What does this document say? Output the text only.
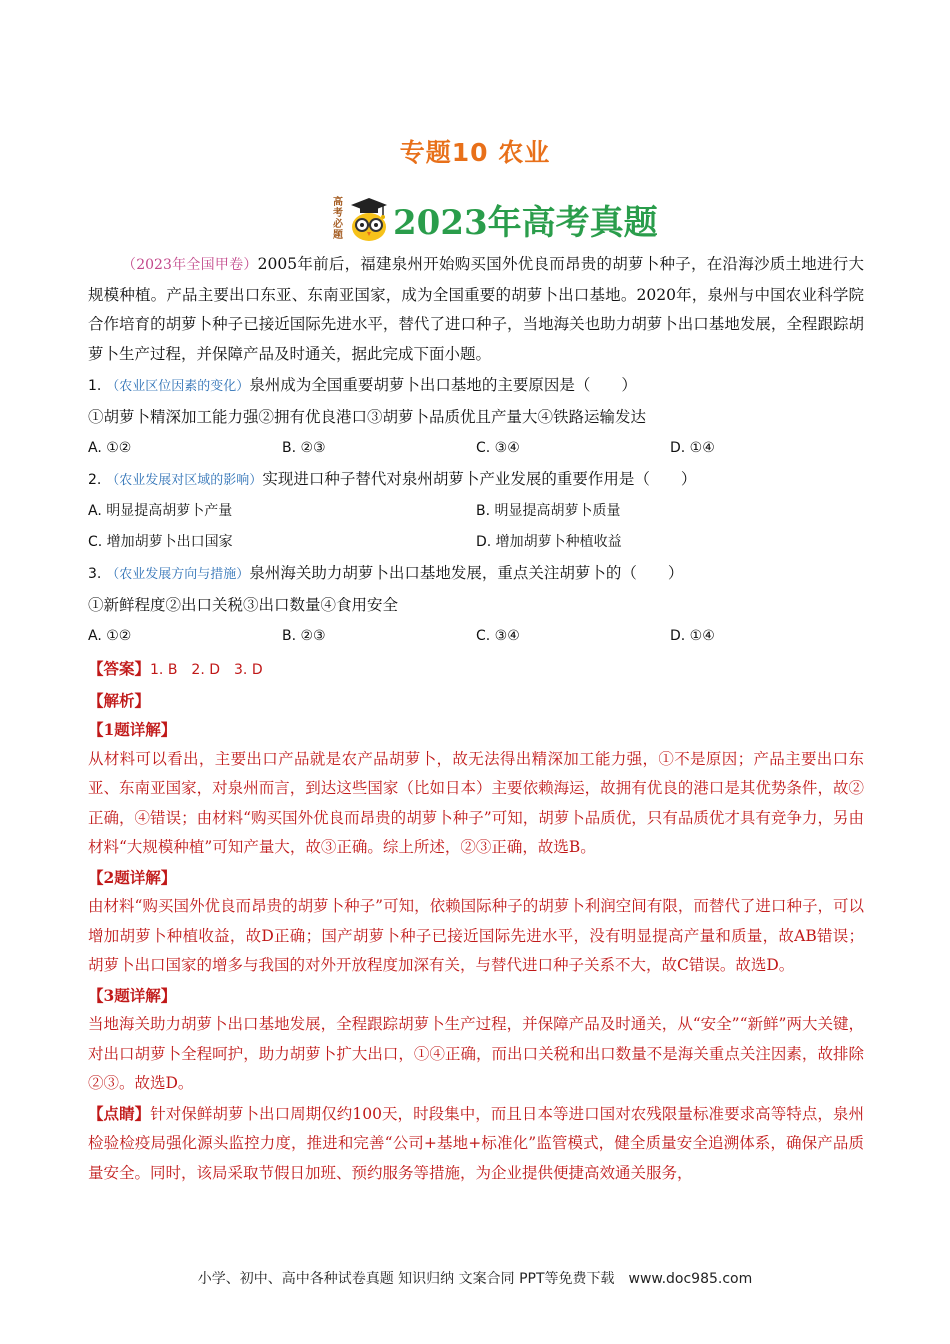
专题10 农业
高考必题 2023年高考真题

（2023年全国甲卷）2005年前后，福建泉州开始购买国外优良而昂贵的胡萝卜种子，在沿海沙质土地进行大规模种植。产品主要出口东亚、东南亚国家，成为全国重要的胡萝卜出口基地。2020年，泉州与中国农业科学院合作培育的胡萝卜种子已接近国际先进水平，替代了进口种子，当地海关也助力胡萝卜出口基地发展，全程跟踪胡萝卜生产过程，并保障产品及时通关，据此完成下面小题。

1. （农业区位因素的变化）泉州成为全国重要胡萝卜出口基地的主要原因是（　　）

①胡萝卜精深加工能力强②拥有优良港口③胡萝卜品质优且产量大④铁路运输发达

A. ①②	B. ②③	C. ③④	D. ①④

2. （农业发展对区域的影响）实现进口种子替代对泉州胡萝卜产业发展的重要作用是（　　）

A. 明显提高胡萝卜产量	B. 明显提高胡萝卜质量
C. 增加胡萝卜出口国家	D. 增加胡萝卜种植收益

3. （农业发展方向与措施）泉州海关助力胡萝卜出口基地发展，重点关注胡萝卜的（　　）

①新鲜程度②出口关税③出口数量④食用安全

A. ①②	B. ②③	C. ③④	D. ①④

【答案】1. B　2. D　3. D

【解析】

【1题详解】

从材料可以看出，主要出口产品就是农产品胡萝卜，故无法得出精深加工能力强，①不是原因；产品主要出口东亚、东南亚国家，对泉州而言，到达这些国家（比如日本）主要依赖海运，故拥有优良的港口是其优势条件，故②正确，④错误；由材料“购买国外优良而昂贵的胡萝卜种子”可知，胡萝卜品质优，只有品质优才具有竞争力，另由材料“大规模种植”可知产量大，故③正确。综上所述，②③正确，故选B。

【2题详解】

由材料“购买国外优良而昂贵的胡萝卜种子”可知，依赖国际种子的胡萝卜利润空间有限，而替代了进口种子，可以增加胡萝卜种植收益，故D正确；国产胡萝卜种子已接近国际先进水平，没有明显提高产量和质量，故AB错误；胡萝卜出口国家的增多与我国的对外开放程度加深有关，与替代进口种子关系不大，故C错误。故选D。

【3题详解】

当地海关助力胡萝卜出口基地发展，全程跟踪胡萝卜生产过程，并保障产品及时通关，从“安全”“新鲜”两大关键，对出口胡萝卜全程呵护，助力胡萝卜扩大出口，①④正确，而出口关税和出口数量不是海关重点关注因素，故排除②③。故选D。

【点睛】针对保鲜胡萝卜出口周期仅约100天，时段集中，而且日本等进口国对农残限量标准要求高等特点，泉州检验检疫局强化源头监控力度，推进和完善“公司+基地+标准化”监管模式，健全质量安全追溯体系，确保产品质量安全。同时，该局采取节假日加班、预约服务等措施，为企业提供便捷高效通关服务，

小学、初中、高中各种试卷真题 知识归纳 文案合同 PPT等免费下载 www.doc985.com
